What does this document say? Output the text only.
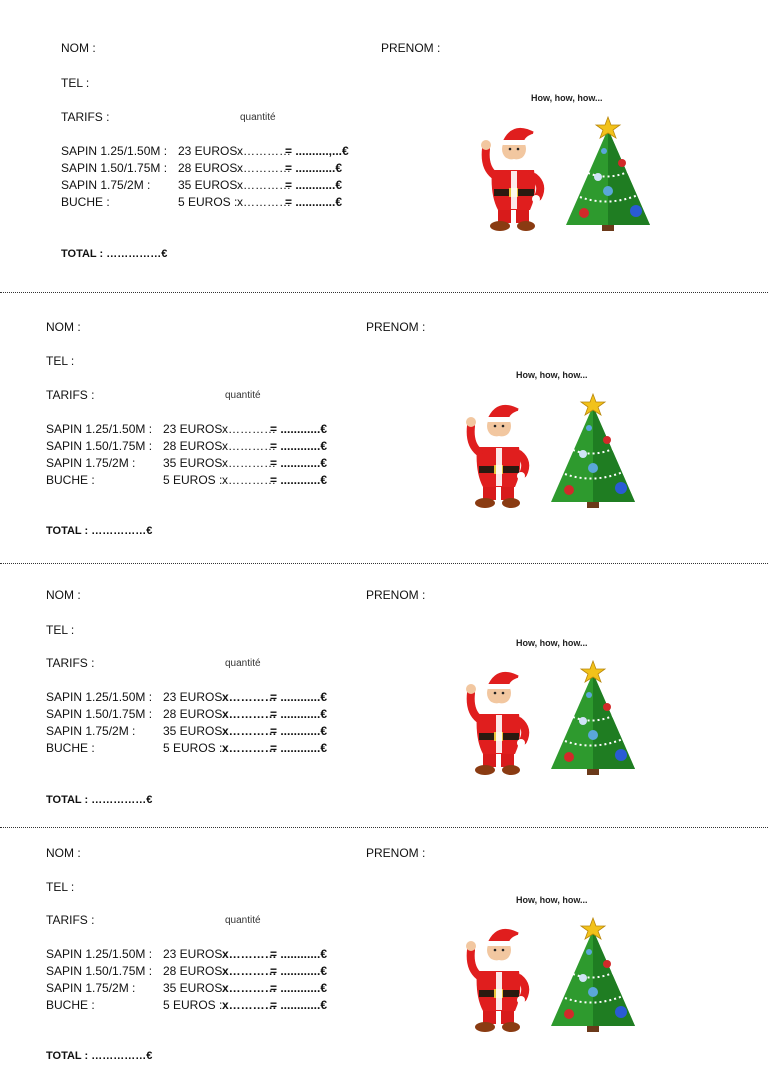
NOM :	PRENOM :
TEL :
TARIFS :	quantité
SAPIN 1.25/1.50M : 23 EUROSx…………= ..........,...€
SAPIN 1.50/1.75M : 28 EUROSx…………= ............€
SAPIN 1.75/2M : 35 EUROSx…………= ............€
BUCHE :	5 EUROS :x…………= ............€
TOTAL : ……………€
How, how, how...
NOM :	PRENOM :
TEL :
TARIFS :	quantité
SAPIN 1.25/1.50M : 23 EUROSx…………= ............€
SAPIN 1.50/1.75M : 28 EUROSx…………= ............€
SAPIN 1.75/2M : 35 EUROSx…………= ............€
BUCHE :	5 EUROS :x…………= ............€
TOTAL : ……………€
How, how, how...
NOM :	PRENOM :
TEL :
TARIFS :	quantité
SAPIN 1.25/1.50M : 23 EUROSx…………= ............€
SAPIN 1.50/1.75M : 28 EUROSx…………= ............€
SAPIN 1.75/2M : 35 EUROSx…………= ............€
BUCHE :	5 EUROS :x…………= ............€
TOTAL : ……………€
How, how, how...
NOM :	PRENOM :
TEL :
TARIFS :	quantité
SAPIN 1.25/1.50M : 23 EUROSx…………= ............€
SAPIN 1.50/1.75M : 28 EUROSx…………= ............€
SAPIN 1.75/2M : 35 EUROSx…………= ............€
BUCHE :	5 EUROS :x…………= ............€
TOTAL : ……………€
How, how, how...
